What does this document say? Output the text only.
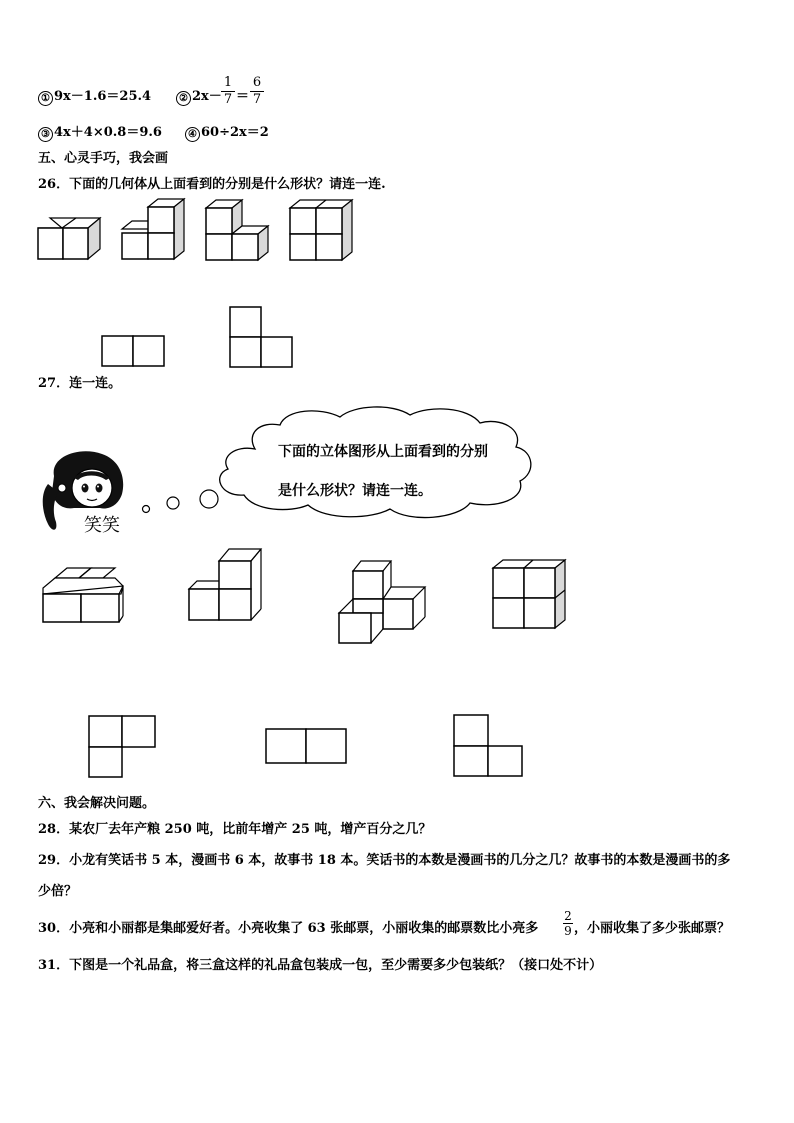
① 9x－1.6＝25.4	② 2x－
1
7 ＝
6
7
③ 4x＋4×0.8＝9.6	④ 60÷2x＝2
五、心灵手巧，我会画
26．下面的几何体从上面看到的分别是什么形状？请连一连.
27．连一连。
笑笑
下面的立体图形从上面看到的分别
是什么形状？请连一连。
六、我会解决问题。
28．某农厂去年产粮 250 吨，比前年增产 25 吨，增产百分之几？
29．小龙有笑话书 5 本，漫画书 6 本，故事书 18 本。笑话书的本数是漫画书的几分之几？故事书的本数是漫画书的多
少倍？
30．小亮和小丽都是集邮爱好者。小亮收集了 63 张邮票，小丽收集的邮票数比小亮多
2
9 ，小丽收集了多少张邮票？
31．下图是一个礼品盒，将三盒这样的礼品盒包装成一包，至少需要多少包装纸？（接口处不计）
